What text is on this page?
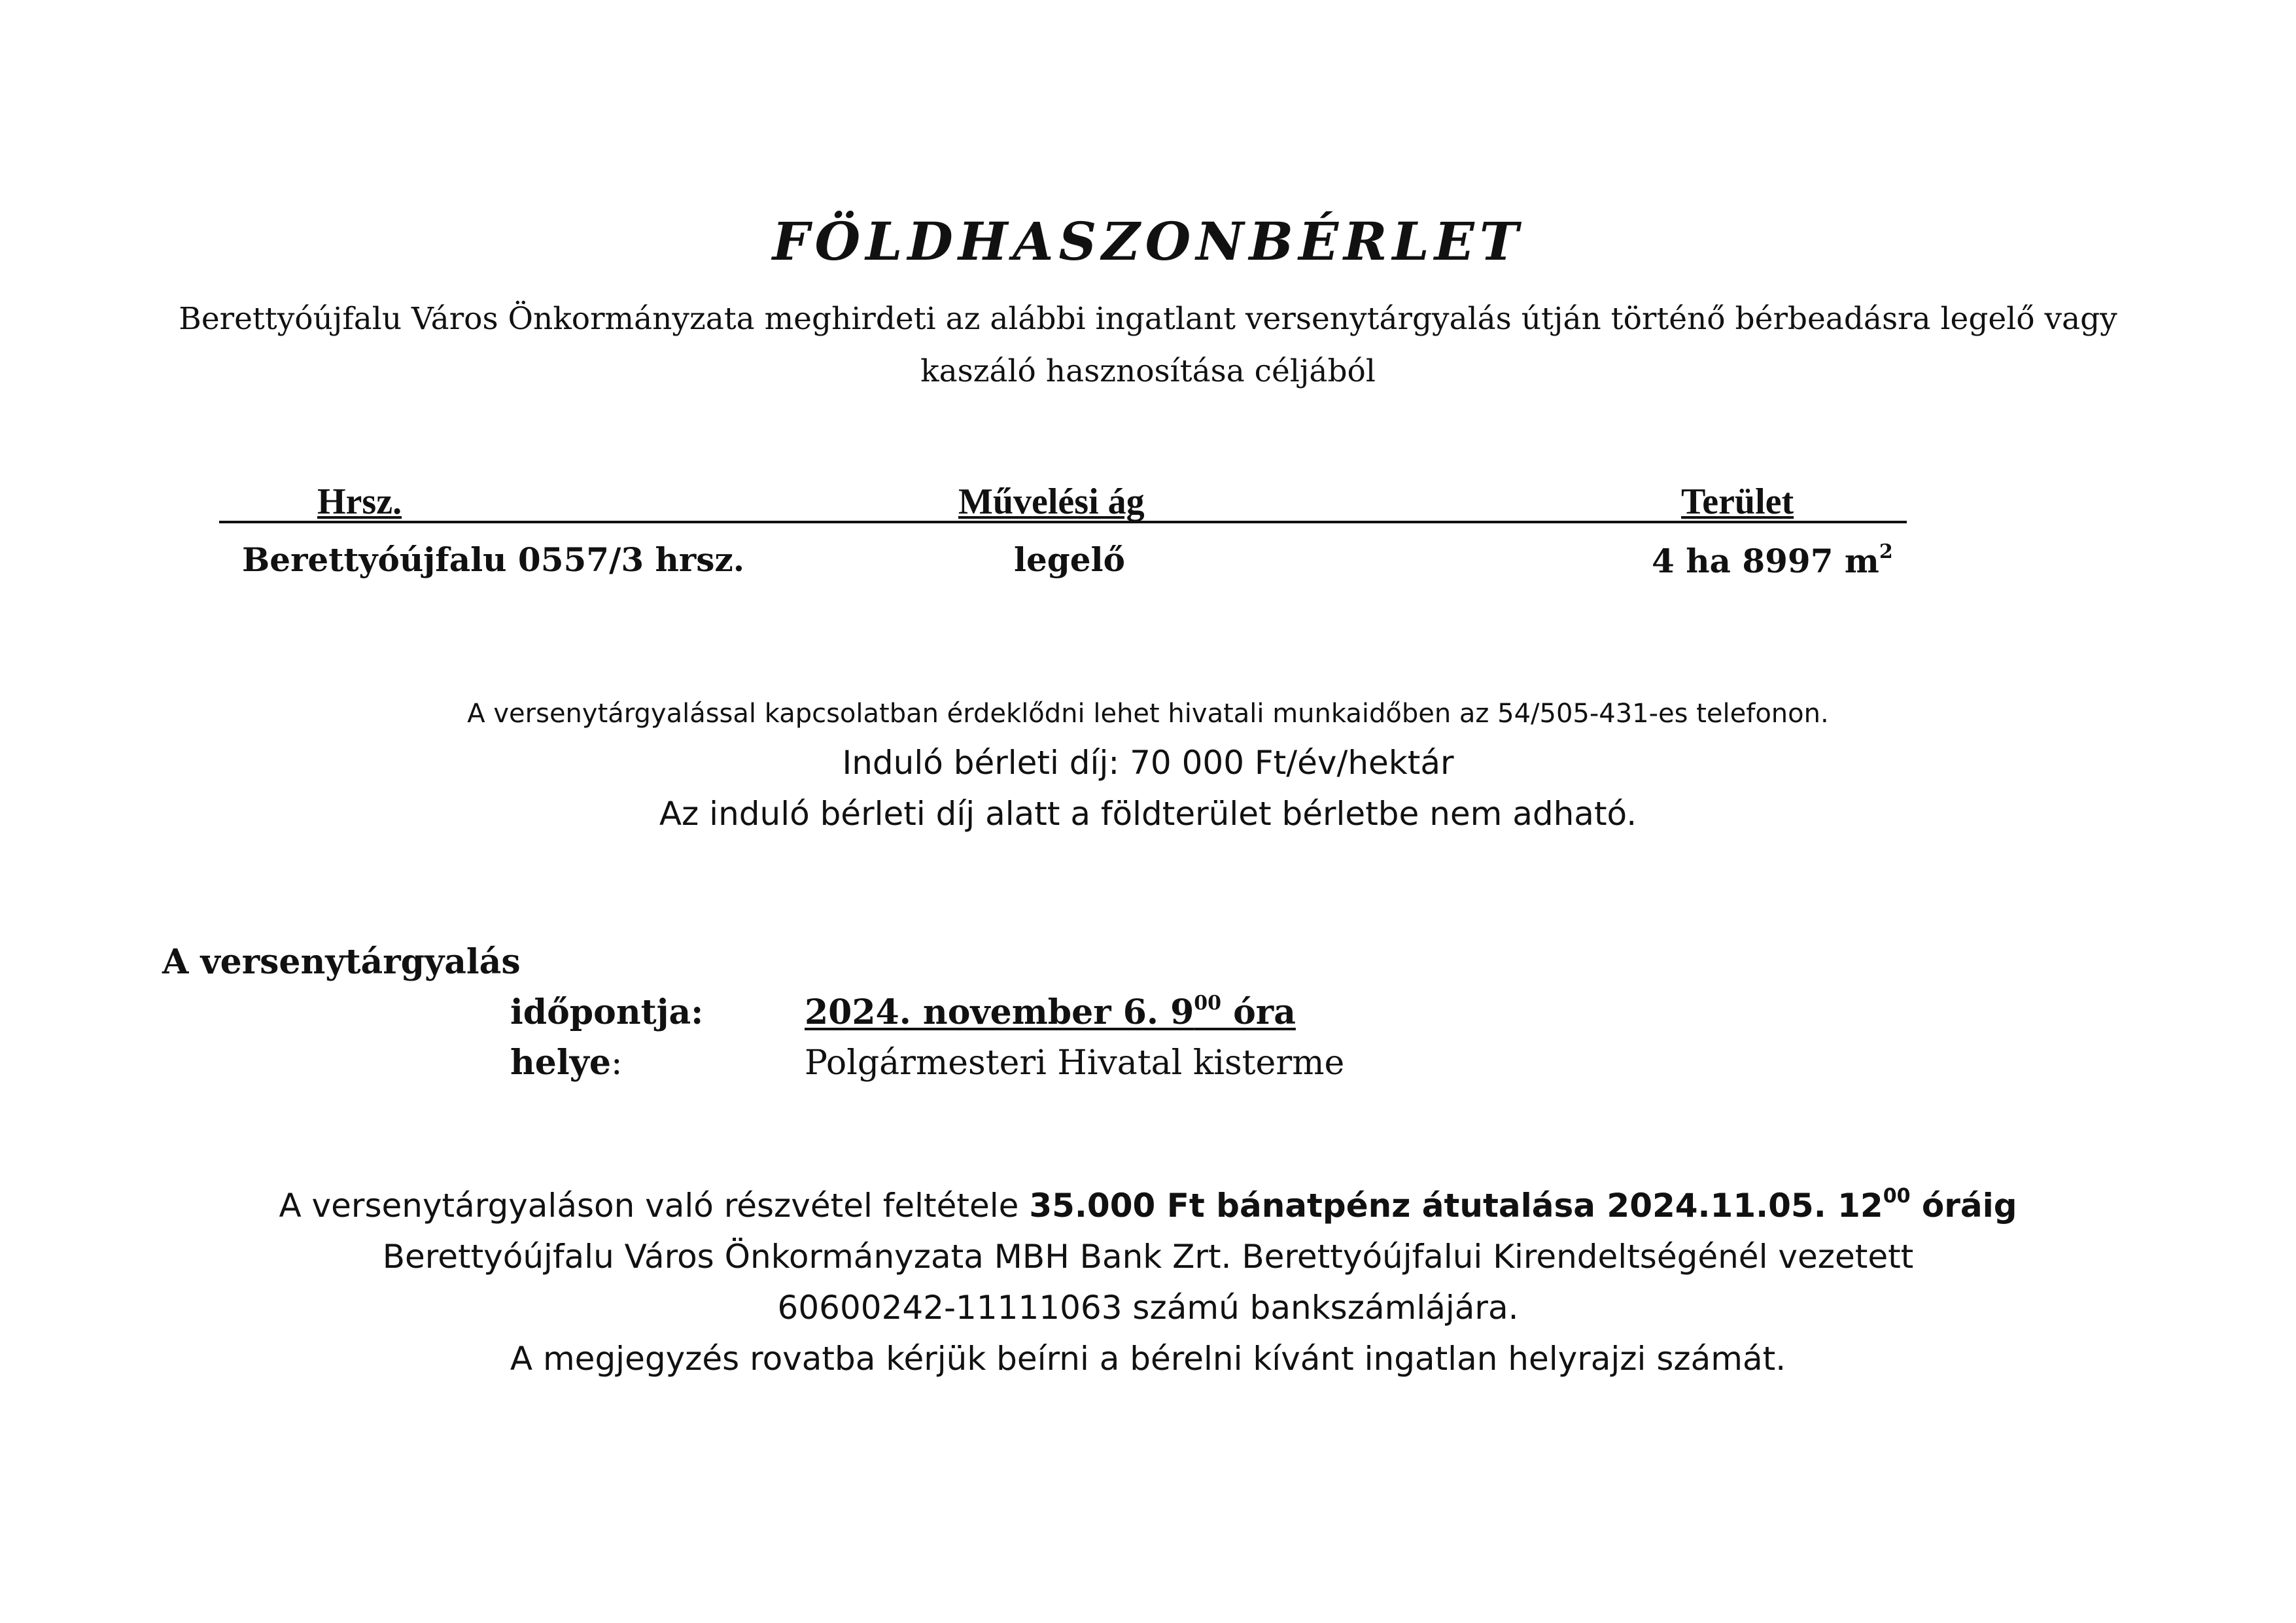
FÖLDHASZONBÉRLET
Berettyóújfalu Város Önkormányzata meghirdeti az alábbi ingatlant versenytárgyalás útján történő bérbeadásra legelő vagy kaszáló hasznosítása céljából
Hrsz.	Művelési ág	Terület
Berettyóújfalu 0557/3 hrsz.	legelő	4 ha 8997 $m^2$
A versenytárgyalással kapcsolatban érdeklődni lehet hivatali munkaidőben az 54/505-431-es telefonon.
Induló bérleti díj: 70 000 Ft/év/hektár
Az induló bérleti díj alatt a földterület bérletbe nem adható.
A versenytárgyalás
időpontja:	2024. november 6. $9^{00}$ óra
helye:	Polgármesteri Hivatal kisterme
A versenytárgyaláson való részvétel feltétele 35.000 Ft bánatpénz átutalása 2024.11.05. $12^{00}$ óráig
Berettyóújfalu Város Önkormányzata MBH Bank Zrt. Berettyóújfalui Kirendeltségénél vezetett
60600242-11111063 számú bankszámlájára.
A megjegyzés rovatba kérjük beírni a bérelni kívánt ingatlan helyrajzi számát.
